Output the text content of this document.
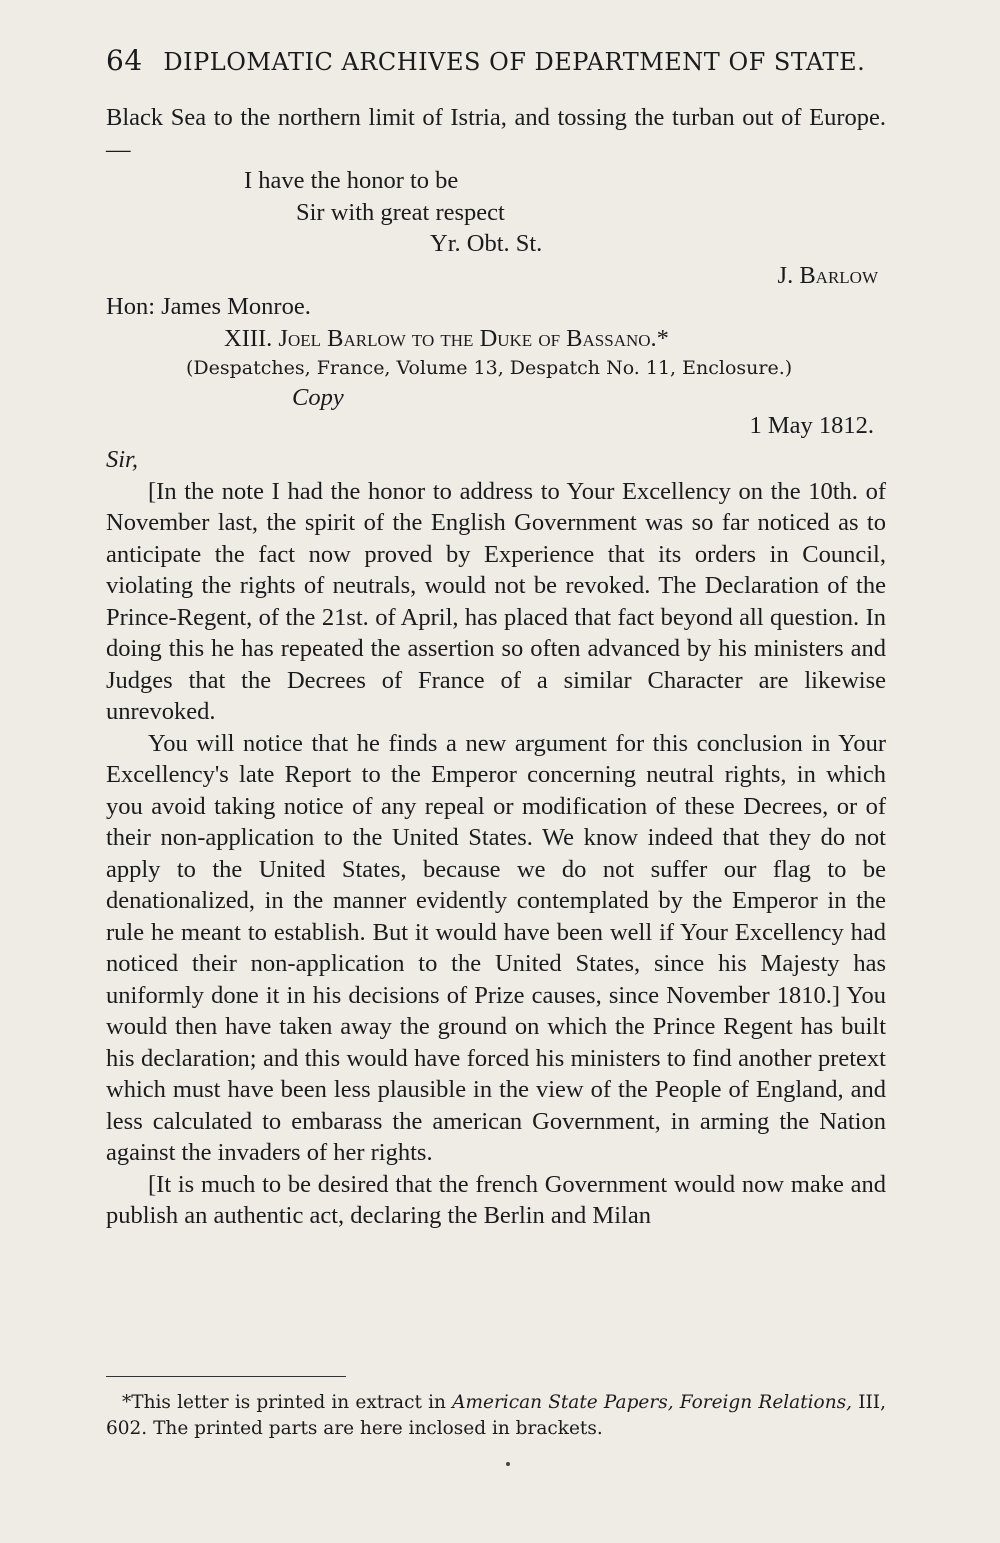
64 DIPLOMATIC ARCHIVES OF DEPARTMENT OF STATE.

Black Sea to the northern limit of Istria, and tossing the turban out of Europe.—

I have the honor to be

Sir with great respect

Yr. Obt. St.

J. Barlow

Hon: James Monroe.

XIII. Joel Barlow to the Duke of Bassano.*

(Despatches, France, Volume 13, Despatch No. 11, Enclosure.)

Copy
1 May 1812.

Sir,

[In the note I had the honor to address to Your Excellency on the 10th. of November last, the spirit of the English Government was so far noticed as to anticipate the fact now proved by Experience that its orders in Council, violating the rights of neutrals, would not be revoked. The Declaration of the Prince-Regent, of the 21st. of April, has placed that fact beyond all question. In doing this he has repeated the assertion so often advanced by his ministers and Judges that the Decrees of France of a similar Character are likewise unrevoked.

You will notice that he finds a new argument for this conclusion in Your Excellency's late Report to the Emperor concerning neutral rights, in which you avoid taking notice of any repeal or modification of these Decrees, or of their non-application to the United States. We know indeed that they do not apply to the United States, because we do not suffer our flag to be denationalized, in the manner evidently contemplated by the Emperor in the rule he meant to establish. But it would have been well if Your Excellency had noticed their non-application to the United States, since his Majesty has uniformly done it in his decisions of Prize causes, since November 1810.] You would then have taken away the ground on which the Prince Regent has built his declaration; and this would have forced his ministers to find another pretext which must have been less plausible in the view of the People of England, and less calculated to embarass the american Government, in arming the Nation against the invaders of her rights.

[It is much to be desired that the french Government would now make and publish an authentic act, declaring the Berlin and Milan

*This letter is printed in extract in American State Papers, Foreign Relations, III, 602. The printed parts are here inclosed in brackets.
